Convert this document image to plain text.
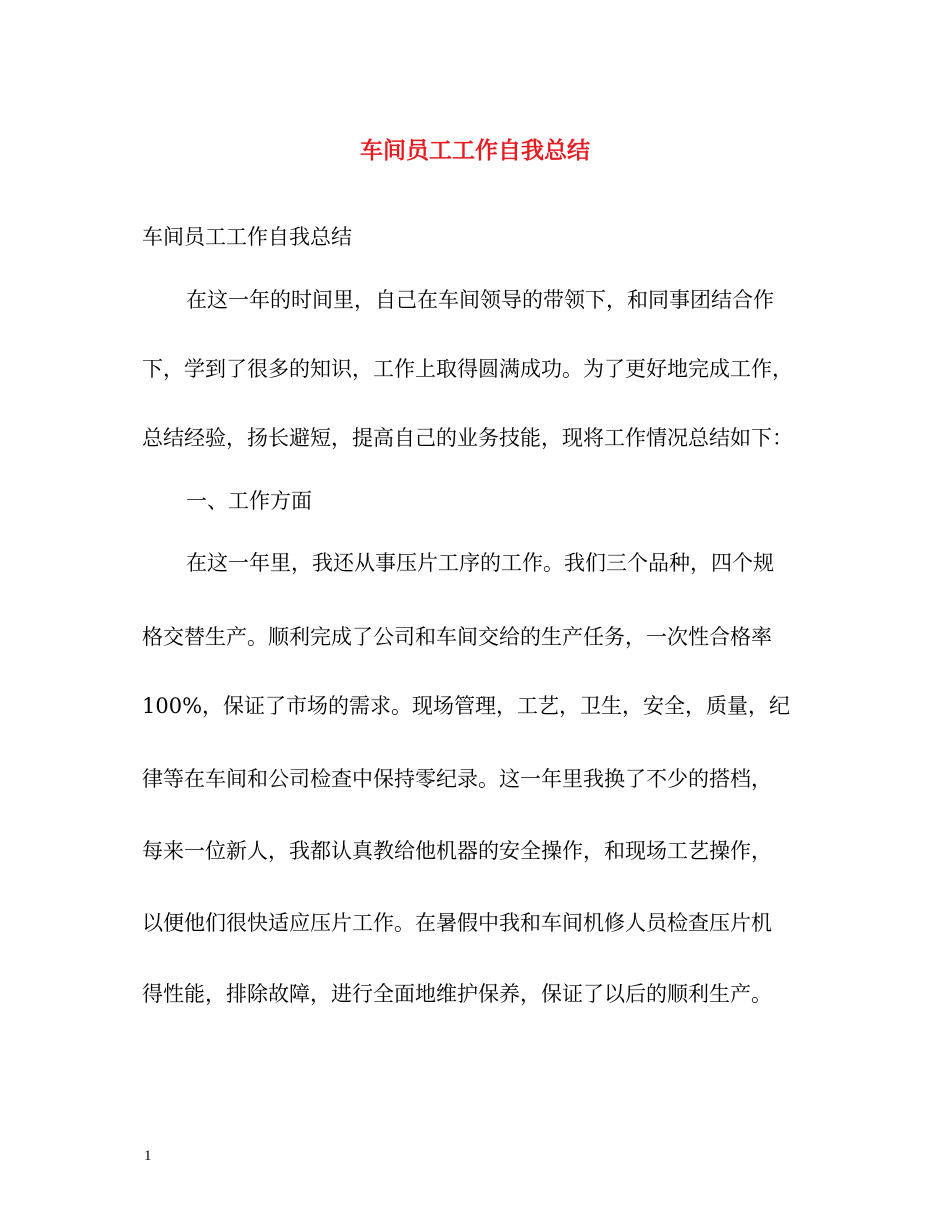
车间员工工作自我总结
车间员工工作自我总结
在这一年的时间里，自己在车间领导的带领下，和同事团结合作
下，学到了很多的知识，工作上取得圆满成功。为了更好地完成工作，
总结经验，扬长避短，提高自己的业务技能，现将工作情况总结如下：
一、工作方面
在这一年里，我还从事压片工序的工作。我们三个品种，四个规
格交替生产。顺利完成了公司和车间交给的生产任务，一次性合格率
100%，保证了市场的需求。现场管理，工艺，卫生，安全，质量，纪
律等在车间和公司检查中保持零纪录。这一年里我换了不少的搭档，
每来一位新人，我都认真教给他机器的安全操作，和现场工艺操作，
以便他们很快适应压片工作。在暑假中我和车间机修人员检查压片机
得性能，排除故障，进行全面地维护保养，保证了以后的顺利生产。
1
